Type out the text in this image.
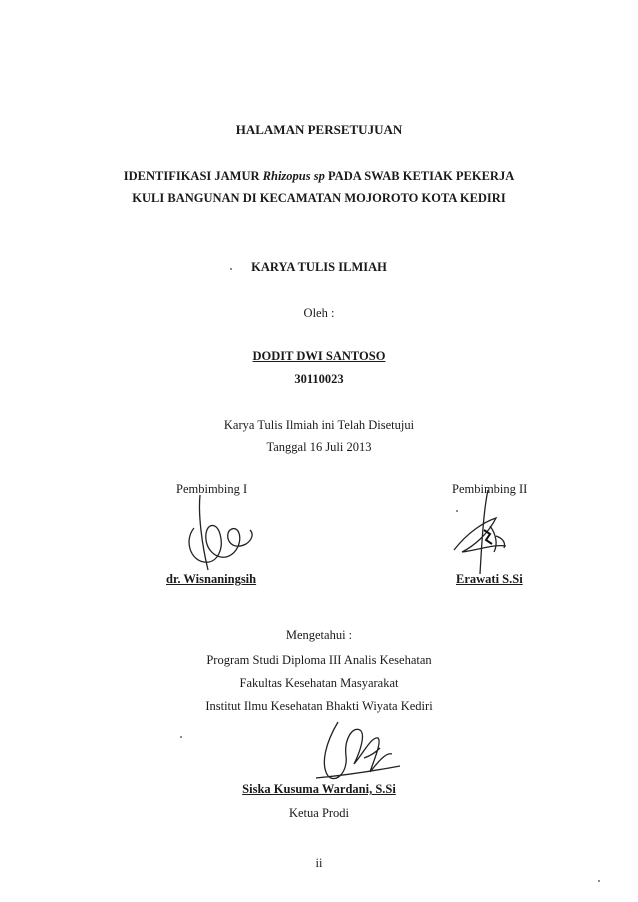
HALAMAN PERSETUJUAN
IDENTIFIKASI JAMUR Rhizopus sp PADA SWAB KETIAK PEKERJA
KULI BANGUNAN DI KECAMATAN MOJOROTO KOTA KEDIRI
KARYA TULIS ILMIAH
Oleh :
DODIT DWI SANTOSO
30110023
Karya Tulis Ilmiah ini Telah Disetujui
Tanggal 16 Juli 2013
Pembimbing I
dr. Wisnaningsih
Pembimbing II
Erawati S.Si
Mengetahui :
Program Studi Diploma III Analis Kesehatan
Fakultas Kesehatan Masyarakat
Institut Ilmu Kesehatan Bhakti Wiyata Kediri
Siska Kusuma Wardani, S.Si
Ketua Prodi
ii
